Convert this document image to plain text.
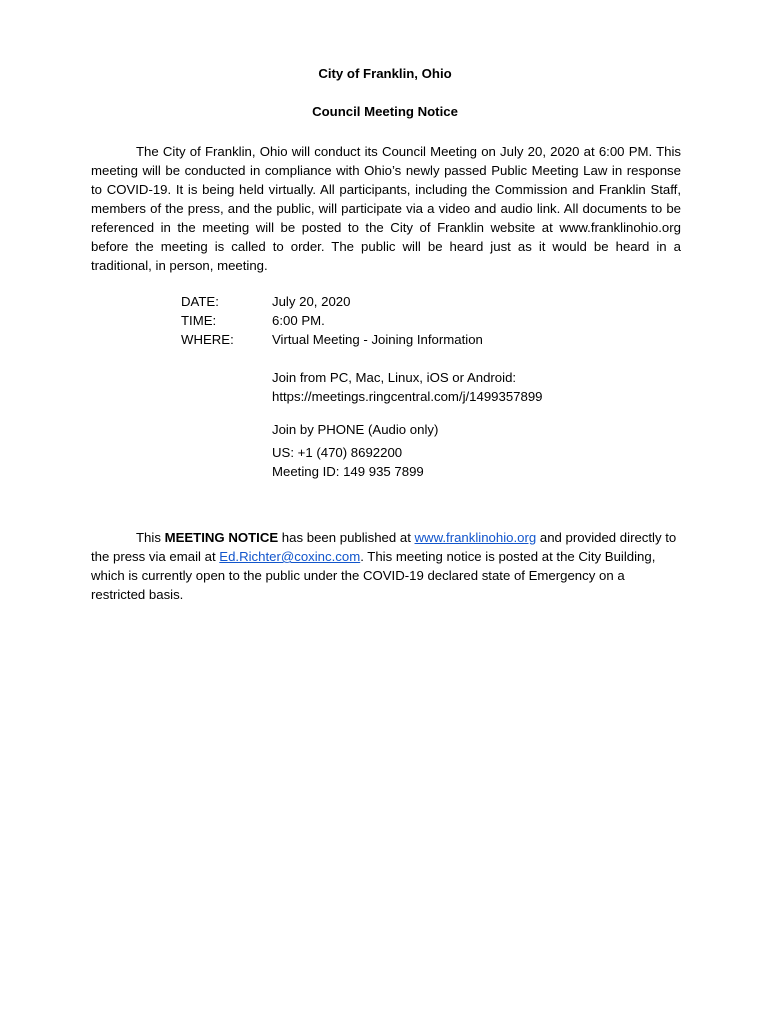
City of Franklin, Ohio
Council Meeting Notice
The City of Franklin, Ohio will conduct its Council Meeting on July 20, 2020 at 6:00 PM. This meeting will be conducted in compliance with Ohio’s newly passed Public Meeting Law in response to COVID-19. It is being held virtually. All participants, including the Commission and Franklin Staff, members of the press, and the public, will participate via a video and audio link. All documents to be referenced in the meeting will be posted to the City of Franklin website at www.franklinohio.org before the meeting is called to order. The public will be heard just as it would be heard in a traditional, in person, meeting.
DATE:	July 20, 2020
TIME:	6:00 PM.
WHERE:	Virtual Meeting - Joining Information
Join from PC, Mac, Linux, iOS or Android:
https://meetings.ringcentral.com/j/1499357899
Join by PHONE (Audio only)
US: +1 (470) 8692200
Meeting ID: 149 935 7899
This MEETING NOTICE has been published at www.franklinohio.org and provided directly to the press via email at Ed.Richter@coxinc.com. This meeting notice is posted at the City Building, which is currently open to the public under the COVID-19 declared state of Emergency on a restricted basis.
